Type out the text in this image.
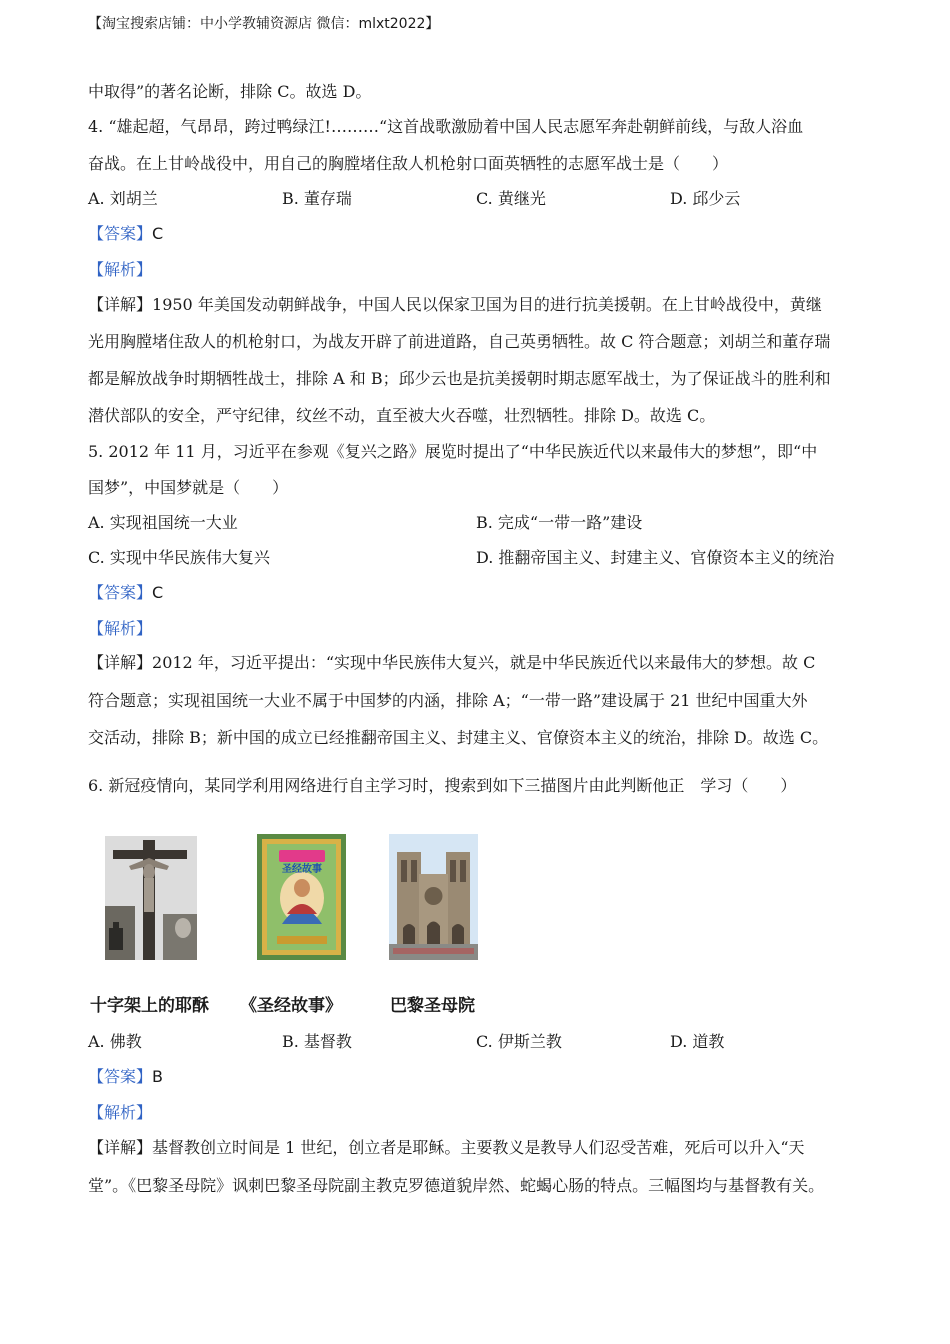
【淘宝搜索店铺：中小学教辅资源店 微信：mlxt2022】
中取得”的著名论断，排除 C。故选 D。
4. “雄起超，气昂昂，跨过鸭绿江!………“这首战歌激励着中国人民志愿军奔赴朝鲜前线，与敌人浴血
奋战。在上甘岭战役中，用自己的胸膛堵住敌人机枪射口面英牺牲的志愿军战士是（　　）
A. 刘胡兰	B. 董存瑞	C. 黄继光	D. 邱少云
【答案】C
【解析】
【详解】1950 年美国发动朝鲜战争，中国人民以保家卫国为目的进行抗美援朝。在上甘岭战役中，黄继
光用胸膛堵住敌人的机枪射口，为战友开辟了前进道路，自己英勇牺牲。故 C 符合题意；刘胡兰和董存瑞
都是解放战争时期牺牲战士，排除 A 和 B；邱少云也是抗美援朝时期志愿军战士，为了保证战斗的胜利和
潜伏部队的安全，严守纪律，纹丝不动，直至被大火吞噬，壮烈牺牲。排除 D。故选 C。
5. 2012 年 11 月，习近平在参观《复兴之路》展览时提出了“中华民族近代以来最伟大的梦想”，即“中
国梦”，中国梦就是（　　）
A. 实现祖国统一大业	B. 完成“一带一路”建设
C. 实现中华民族伟大复兴	D. 推翻帝国主义、封建主义、官僚资本主义的统治
【答案】C
【解析】
【详解】2012 年，习近平提出：“实现中华民族伟大复兴，就是中华民族近代以来最伟大的梦想。故 C
符合题意；实现祖国统一大业不属于中国梦的内涵，排除 A；“一带一路”建设属于 21 世纪中国重大外
交活动，排除 B；新中国的成立已经推翻帝国主义、封建主义、官僚资本主义的统治，排除 D。故选 C。
6. 新冠疫情向，某同学利用网络进行自主学习时，搜索到如下三描图片由此判断他正　学习（　　）
圣经故事
十字架上的耶酥 《圣经故事》	巴黎圣母院
A. 佛教	B. 基督教	C. 伊斯兰教	D. 道教
【答案】B
【解析】
【详解】基督教创立时间是 1 世纪，创立者是耶稣。主要教义是教导人们忍受苦难，死后可以升入“天
堂”。《巴黎圣母院》讽刺巴黎圣母院副主教克罗德道貌岸然、蛇蝎心肠的特点。三幅图均与基督教有关。
